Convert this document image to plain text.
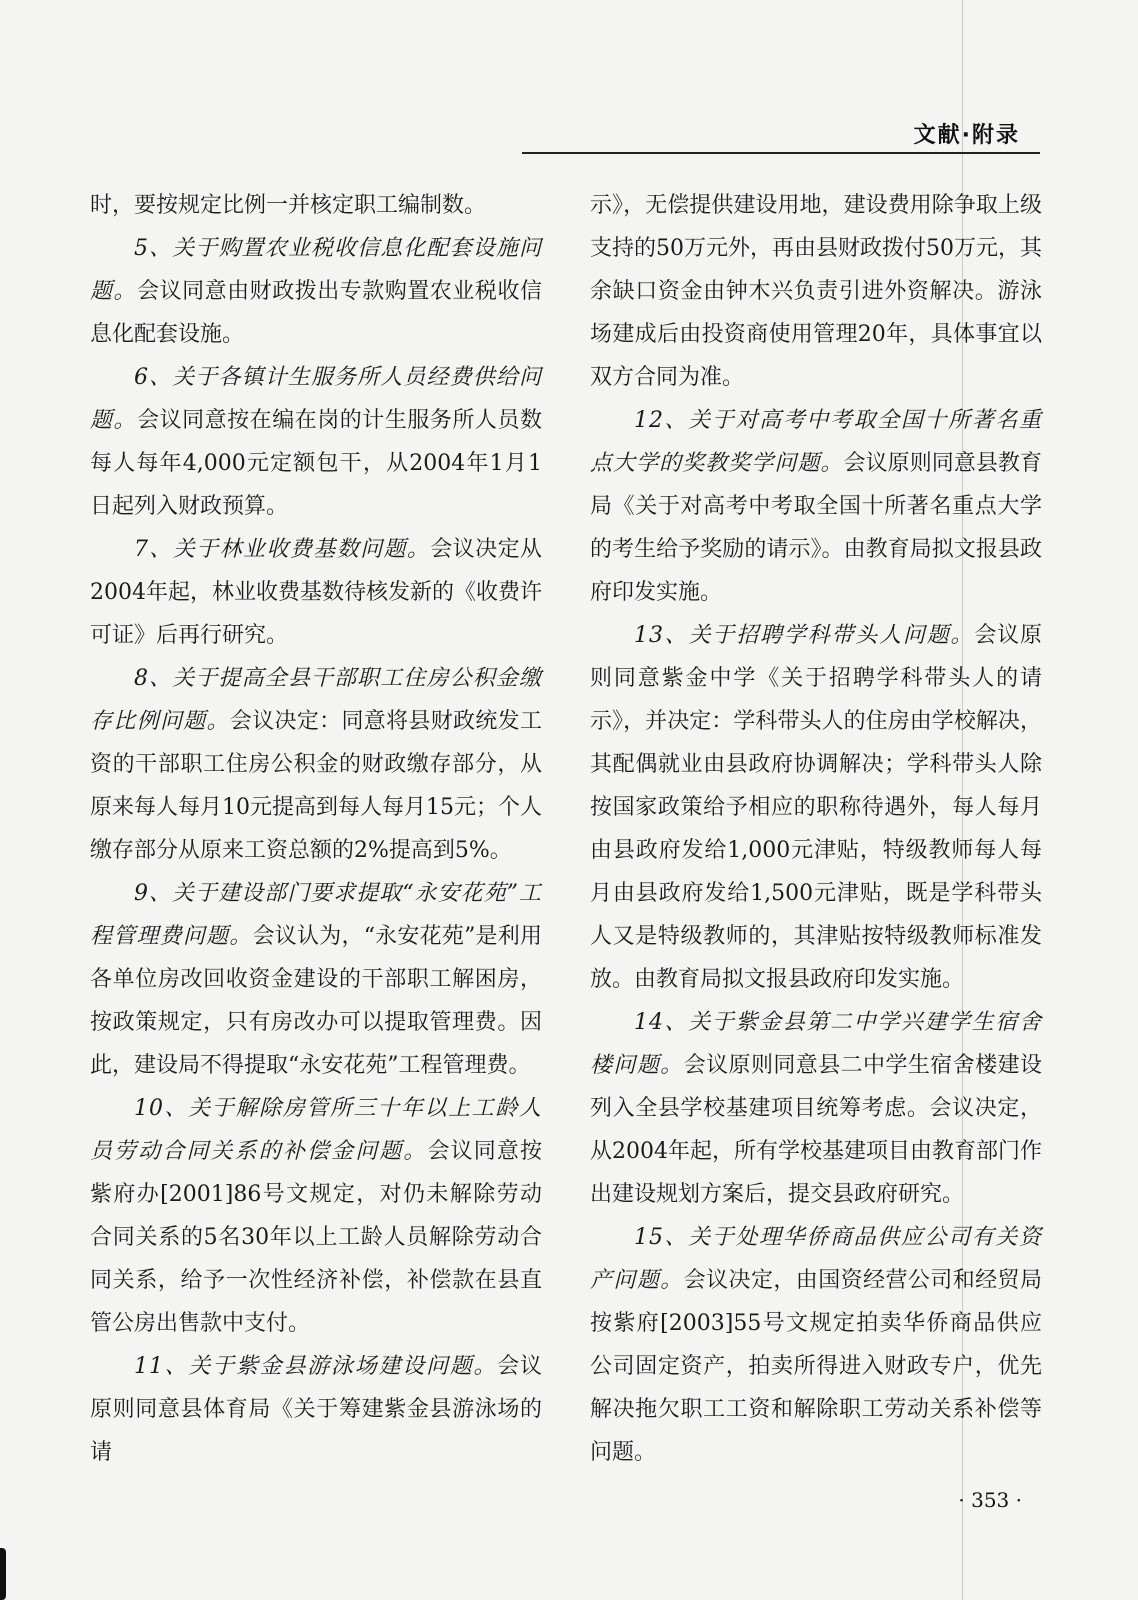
文献·附录

时，要按规定比例一并核定职工编制数。

5、关于购置农业税收信息化配套设施问题。会议同意由财政拨出专款购置农业税收信息化配套设施。

6、关于各镇计生服务所人员经费供给问题。会议同意按在编在岗的计生服务所人员数每人每年4,000元定额包干，从2004年1月1日起列入财政预算。

7、关于林业收费基数问题。会议决定从2004年起，林业收费基数待核发新的《收费许可证》后再行研究。

8、关于提高全县干部职工住房公积金缴存比例问题。会议决定：同意将县财政统发工资的干部职工住房公积金的财政缴存部分，从原来每人每月10元提高到每人每月15元；个人缴存部分从原来工资总额的2%提高到5%。

9、关于建设部门要求提取“永安花苑”工程管理费问题。会议认为，“永安花苑”是利用各单位房改回收资金建设的干部职工解困房，按政策规定，只有房改办可以提取管理费。因此，建设局不得提取“永安花苑”工程管理费。

10、关于解除房管所三十年以上工龄人员劳动合同关系的补偿金问题。会议同意按紫府办[2001]86号文规定，对仍未解除劳动合同关系的5名30年以上工龄人员解除劳动合同关系，给予一次性经济补偿，补偿款在县直管公房出售款中支付。

11、关于紫金县游泳场建设问题。会议原则同意县体育局《关于筹建紫金县游泳场的请

示》，无偿提供建设用地，建设费用除争取上级支持的50万元外，再由县财政拨付50万元，其余缺口资金由钟木兴负责引进外资解决。游泳场建成后由投资商使用管理20年，具体事宜以双方合同为准。

12、关于对高考中考取全国十所著名重点大学的奖教奖学问题。会议原则同意县教育局《关于对高考中考取全国十所著名重点大学的考生给予奖励的请示》。由教育局拟文报县政府印发实施。

13、关于招聘学科带头人问题。会议原则同意紫金中学《关于招聘学科带头人的请示》，并决定：学科带头人的住房由学校解决，其配偶就业由县政府协调解决；学科带头人除按国家政策给予相应的职称待遇外，每人每月由县政府发给1,000元津贴，特级教师每人每月由县政府发给1,500元津贴，既是学科带头人又是特级教师的，其津贴按特级教师标准发放。由教育局拟文报县政府印发实施。

14、关于紫金县第二中学兴建学生宿舍楼问题。会议原则同意县二中学生宿舍楼建设列入全县学校基建项目统筹考虑。会议决定，从2004年起，所有学校基建项目由教育部门作出建设规划方案后，提交县政府研究。

15、关于处理华侨商品供应公司有关资产问题。会议决定，由国资经营公司和经贸局按紫府[2003]55号文规定拍卖华侨商品供应公司固定资产，拍卖所得进入财政专户，优先解决拖欠职工工资和解除职工劳动关系补偿等问题。

· 353 ·
